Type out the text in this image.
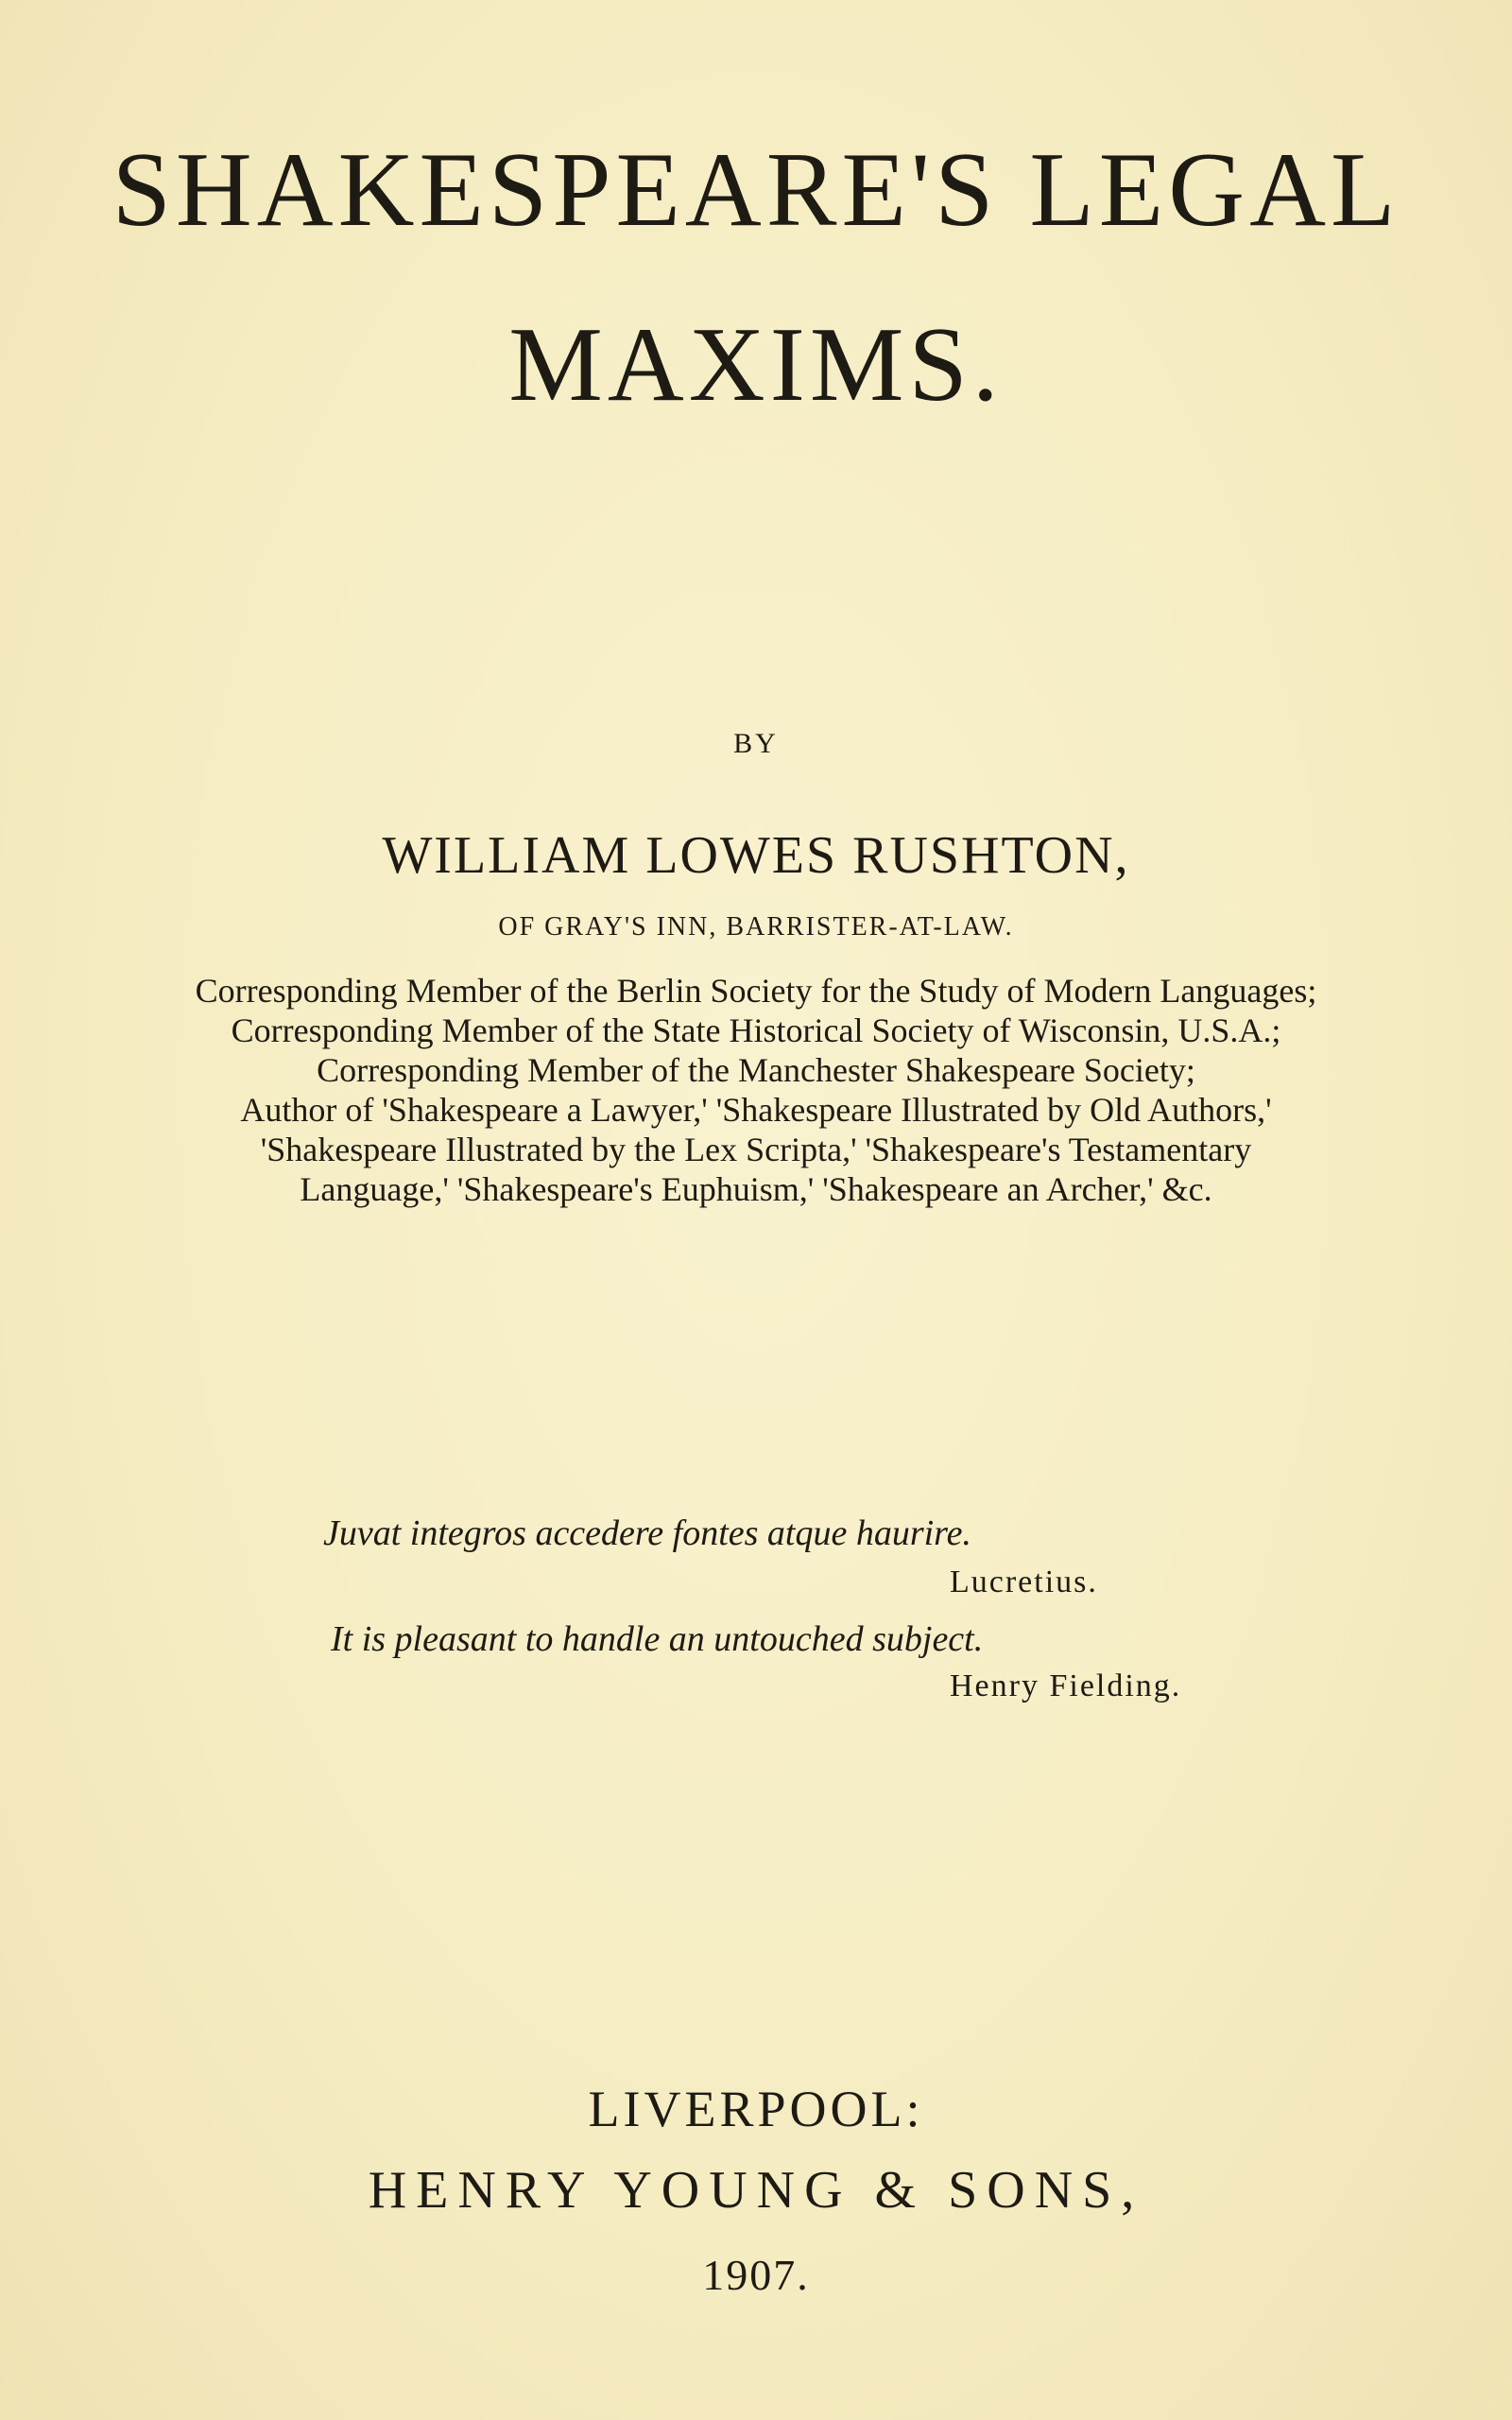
SHAKESPEARE'S LEGAL
MAXIMS.
BY
WILLIAM LOWES RUSHTON,
OF GRAY'S INN, BARRISTER-AT-LAW.
Corresponding Member of the Berlin Society for the Study of Modern Languages;
Corresponding Member of the State Historical Society of Wisconsin, U.S.A.;
Corresponding Member of the Manchester Shakespeare Society;
Author of 'Shakespeare a Lawyer,' 'Shakespeare Illustrated by Old Authors,'
'Shakespeare Illustrated by the Lex Scripta,' 'Shakespeare's Testamentary
Language,' 'Shakespeare's Euphuism,' 'Shakespeare an Archer,' &c.
Juvat integros accedere fontes atque haurire.
Lucretius.
It is pleasant to handle an untouched subject.
Henry Fielding.
LIVERPOOL:
HENRY YOUNG & SONS,
1907.
